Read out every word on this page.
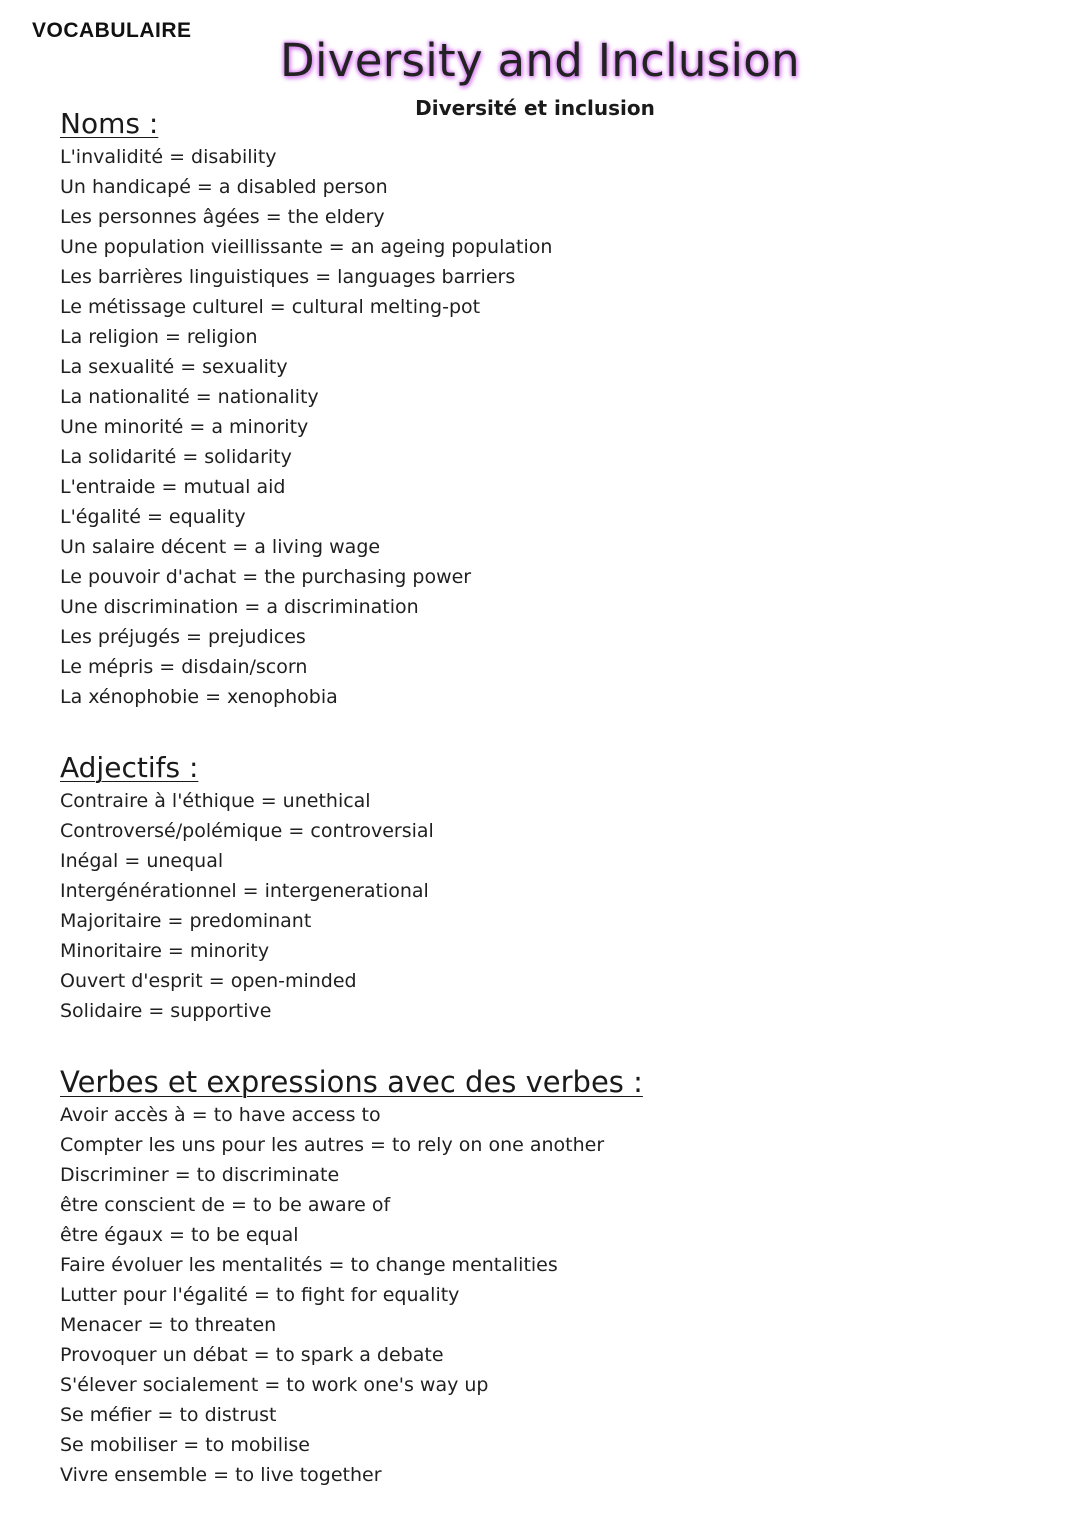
VOCABULAIRE
Diversity and Inclusion
Diversité et inclusion
Noms :
L'invalidité = disability
Un handicapé = a disabled person
Les personnes âgées = the eldery
Une population vieillissante = an ageing population
Les barrières linguistiques = languages barriers
Le métissage culturel = cultural melting-pot
La religion = religion
La sexualité = sexuality
La nationalité = nationality
Une minorité = a minority
La solidarité = solidarity
L'entraide = mutual aid
L'égalité = equality
Un salaire décent = a living wage
Le pouvoir d'achat = the purchasing power
Une discrimination = a discrimination
Les préjugés = prejudices
Le mépris = disdain/scorn
La xénophobie = xenophobia
Adjectifs :
Contraire à l'éthique = unethical
Controversé/polémique = controversial
Inégal = unequal
Intergénérationnel = intergenerational
Majoritaire = predominant
Minoritaire = minority
Ouvert d'esprit = open-minded
Solidaire = supportive
Verbes et expressions avec des verbes :
Avoir accès à = to have access to
Compter les uns pour les autres = to rely on one another
Discriminer = to discriminate
être conscient de = to be aware of
être égaux = to be equal
Faire évoluer les mentalités = to change mentalities
Lutter pour l'égalité = to fight for equality
Menacer = to threaten
Provoquer un débat = to spark a debate
S'élever socialement = to work one's way up
Se méfier = to distrust
Se mobiliser = to mobilise
Vivre ensemble = to live together
